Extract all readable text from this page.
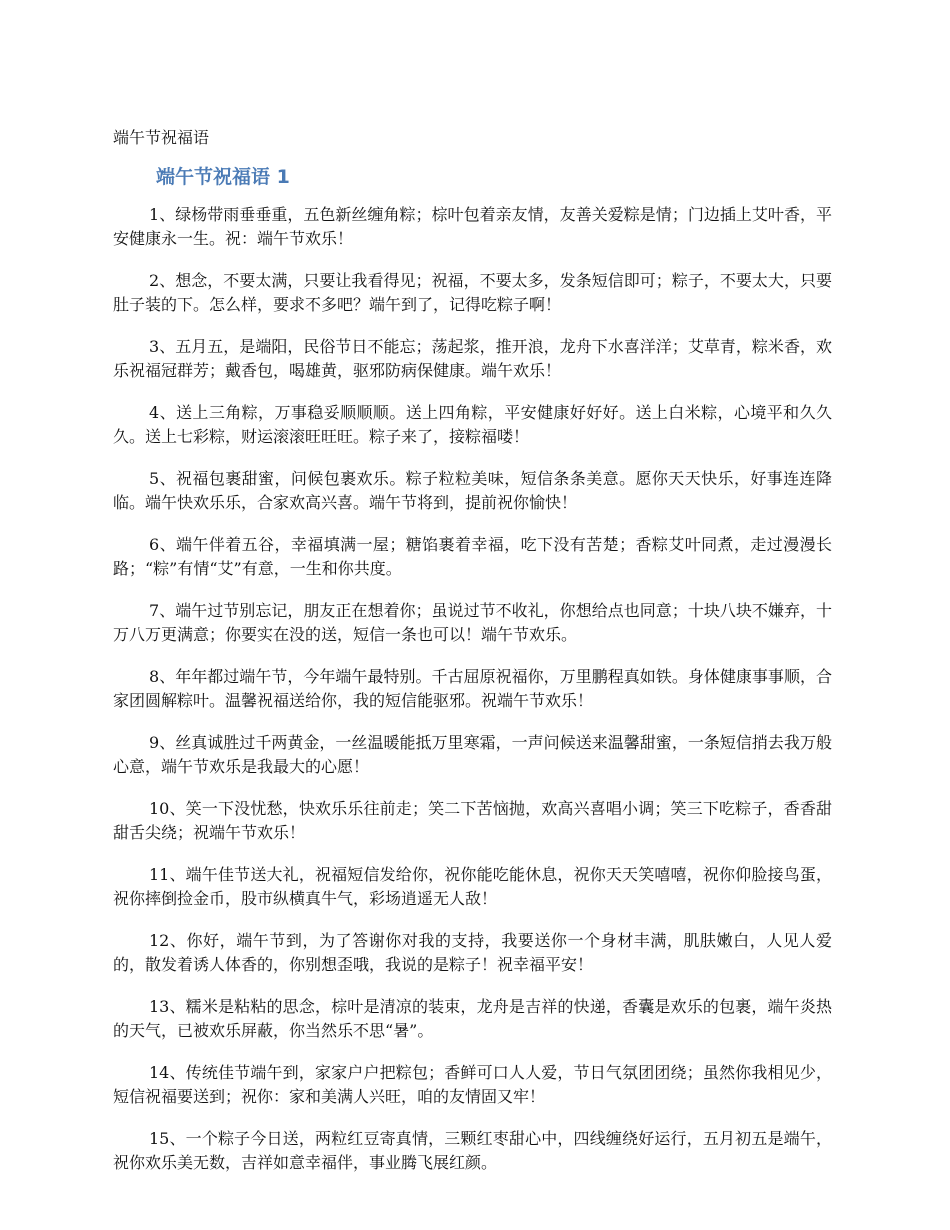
端午节祝福语
端午节祝福语 1

1、绿杨带雨垂垂重，五色新丝缠角粽；棕叶包着亲友情，友善关爱粽是情；门边插上艾叶香，平安健康永一生。祝：端午节欢乐！

2、想念，不要太满，只要让我看得见；祝福，不要太多，发条短信即可；粽子，不要太大，只要肚子装的下。怎么样，要求不多吧？端午到了，记得吃粽子啊！

3、五月五，是端阳，民俗节日不能忘；荡起浆，推开浪，龙舟下水喜洋洋；艾草青，粽米香，欢乐祝福冠群芳；戴香包，喝雄黄，驱邪防病保健康。端午欢乐！

4、送上三角粽，万事稳妥顺顺顺。送上四角粽，平安健康好好好。送上白米粽，心境平和久久久。送上七彩粽，财运滚滚旺旺旺。粽子来了，接粽福喽！

5、祝福包裹甜蜜，问候包裹欢乐。粽子粒粒美味，短信条条美意。愿你天天快乐，好事连连降临。端午快欢乐乐，合家欢高兴喜。端午节将到，提前祝你愉快！

6、端午伴着五谷，幸福填满一屋；糖馅裹着幸福，吃下没有苦楚；香粽艾叶同煮，走过漫漫长路；“粽”有情“艾”有意，一生和你共度。

7、端午过节别忘记，朋友正在想着你；虽说过节不收礼，你想给点也同意；十块八块不嫌弃，十万八万更满意；你要实在没的送，短信一条也可以！端午节欢乐。

8、年年都过端午节，今年端午最特别。千古屈原祝福你，万里鹏程真如铁。身体健康事事顺，合家团圆解粽叶。温馨祝福送给你，我的短信能驱邪。祝端午节欢乐！

9、丝真诚胜过千两黄金，一丝温暖能抵万里寒霜，一声问候送来温馨甜蜜，一条短信捎去我万般心意，端午节欢乐是我最大的心愿！

10、笑一下没忧愁，快欢乐乐往前走；笑二下苦恼抛，欢高兴喜唱小调；笑三下吃粽子，香香甜甜舌尖绕；祝端午节欢乐！

11、端午佳节送大礼，祝福短信发给你，祝你能吃能休息，祝你天天笑嘻嘻，祝你仰脸接鸟蛋，祝你摔倒捡金币，股市纵横真牛气，彩场逍遥无人敌！

12、你好，端午节到，为了答谢你对我的支持，我要送你一个身材丰满，肌肤嫩白，人见人爱的，散发着诱人体香的，你别想歪哦，我说的是粽子！祝幸福平安！

13、糯米是粘粘的思念，棕叶是清凉的装束，龙舟是吉祥的快递，香囊是欢乐的包裹，端午炎热的天气，已被欢乐屏蔽，你当然乐不思“暑”。

14、传统佳节端午到，家家户户把粽包；香鲜可口人人爱，节日气氛团团绕；虽然你我相见少，短信祝福要送到；祝你：家和美满人兴旺，咱的友情固又牢！

15、一个粽子今日送，两粒红豆寄真情，三颗红枣甜心中，四线缠绕好运行，五月初五是端午，祝你欢乐美无数，吉祥如意幸福伴，事业腾飞展红颜。
